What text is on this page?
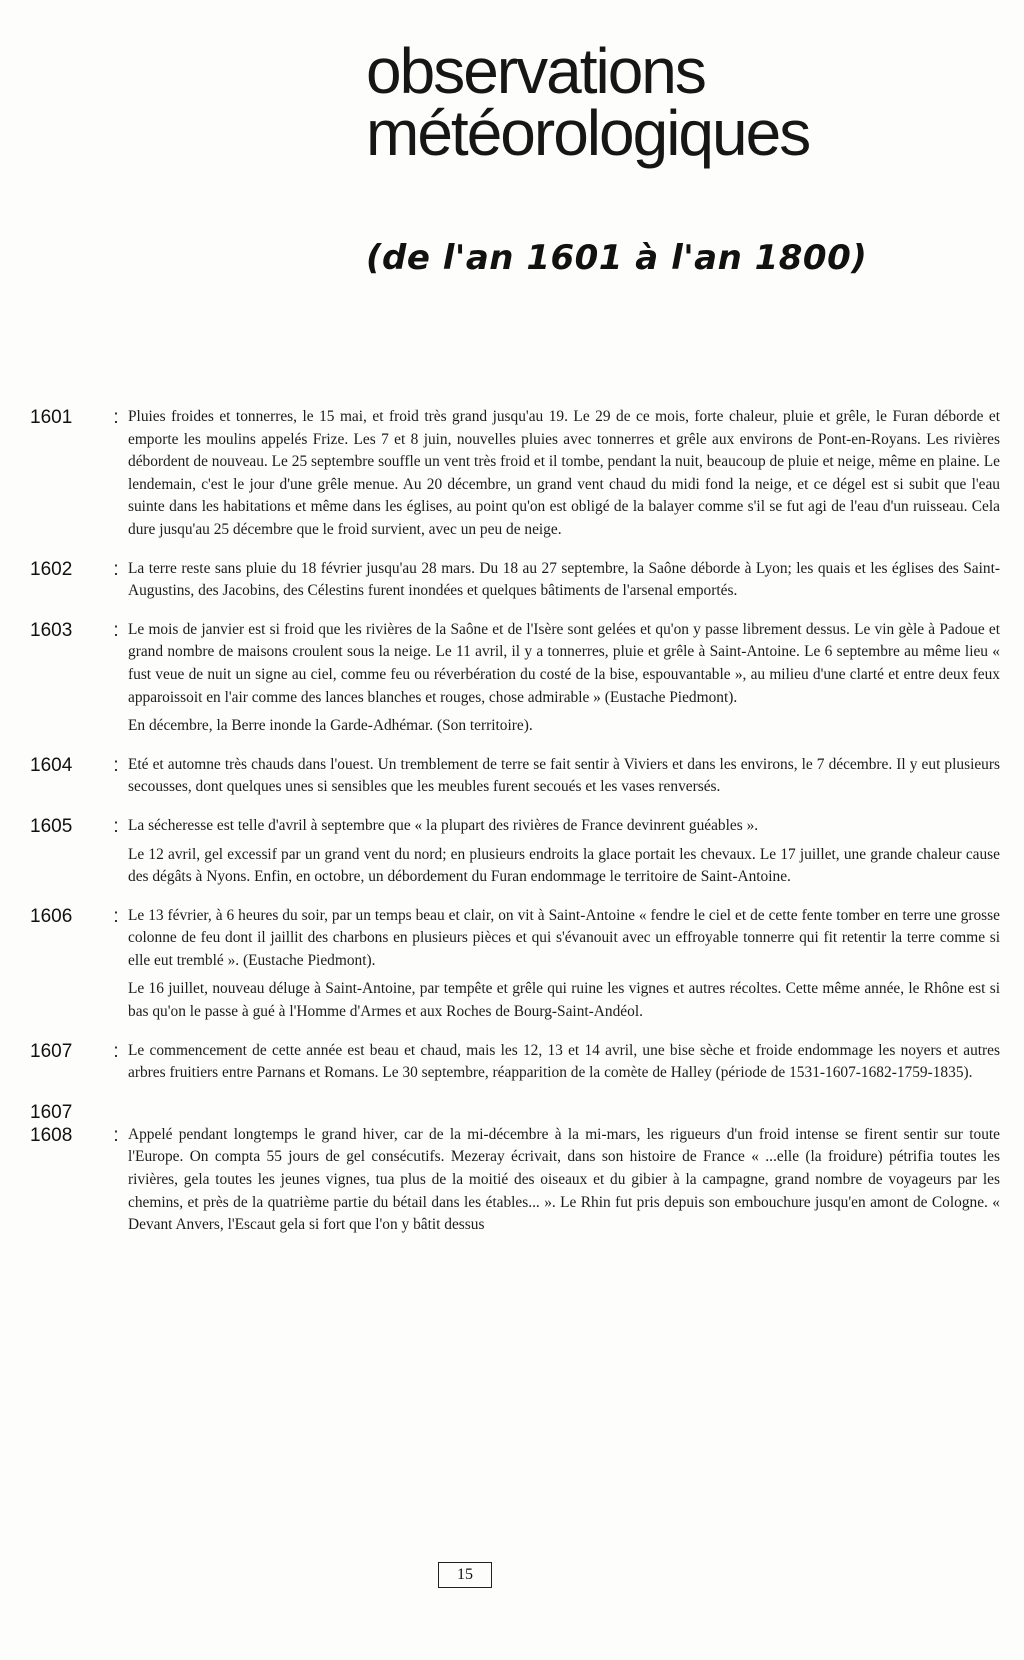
observations
météorologiques
(de l'an 1601 à l'an 1800)
1601	: Pluies froides et tonnerres, le 15 mai, et froid très grand jusqu'au 19. Le 29 de ce mois, forte chaleur, pluie et grêle, le Furan déborde et emporte les moulins appelés Frize. Les 7 et 8 juin, nouvelles pluies avec tonnerres et grêle aux environs de Pont-en-Royans. Les rivières débordent de nouveau. Le 25 septembre souffle un vent très froid et il tombe, pendant la nuit, beaucoup de pluie et neige, même en plaine. Le lendemain, c'est le jour d'une grêle menue. Au 20 décembre, un grand vent chaud du midi fond la neige, et ce dégel est si subit que l'eau suinte dans les habitations et même dans les églises, au point qu'on est obligé de la balayer comme s'il se fut agi de l'eau d'un ruisseau. Cela dure jusqu'au 25 décembre que le froid survient, avec un peu de neige.

1602	: La terre reste sans pluie du 18 février jusqu'au 28 mars. Du 18 au 27 septembre, la Saône déborde à Lyon; les quais et les églises des Saint-Augustins, des Jacobins, des Célestins furent inondées et quelques bâtiments de l'arsenal emportés.

1603	: Le mois de janvier est si froid que les rivières de la Saône et de l'Isère sont gelées et qu'on y passe librement dessus. Le vin gèle à Padoue et grand nombre de maisons croulent sous la neige. Le 11 avril, il y a tonnerres, pluie et grêle à Saint-Antoine. Le 6 septembre au même lieu « fust veue de nuit un signe au ciel, comme feu ou réverbération du costé de la bise, espouvantable », au milieu d'une clarté et entre deux feux apparoissoit en l'air comme des lances blanches et rouges, chose admirable » (Eustache Piedmont).

En décembre, la Berre inonde la Garde-Adhémar. (Son territoire).

1604	: Eté et automne très chauds dans l'ouest. Un tremblement de terre se fait sentir à Viviers et dans les environs, le 7 décembre. Il y eut plusieurs secousses, dont quelques unes si sensibles que les meubles furent secoués et les vases renversés.

1605	: La sécheresse est telle d'avril à septembre que « la plupart des rivières de France devinrent guéables ».

Le 12 avril, gel excessif par un grand vent du nord; en plusieurs endroits la glace portait les chevaux. Le 17 juillet, une grande chaleur cause des dégâts à Nyons. Enfin, en octobre, un débordement du Furan endommage le territoire de Saint-Antoine.

1606	: Le 13 février, à 6 heures du soir, par un temps beau et clair, on vit à Saint-Antoine « fendre le ciel et de cette fente tomber en terre une grosse colonne de feu dont il jaillit des charbons en plusieurs pièces et qui s'évanouit avec un effroyable tonnerre qui fit retentir la terre comme si elle eut tremblé ». (Eustache Piedmont).

Le 16 juillet, nouveau déluge à Saint-Antoine, par tempête et grêle qui ruine les vignes et autres récoltes. Cette même année, le Rhône est si bas qu'on le passe à gué à l'Homme d'Armes et aux Roches de Bourg-Saint-Andéol.

1607	: Le commencement de cette année est beau et chaud, mais les 12, 13 et 14 avril, une bise sèche et froide endommage les noyers et autres arbres fruitiers entre Parnans et Romans. Le 30 septembre, réapparition de la comète de Halley (période de 1531-1607-1682-1759-1835).

1607
1608	: Appelé pendant longtemps le grand hiver, car de la mi-décembre à la mi-mars, les rigueurs d'un froid intense se firent sentir sur toute l'Europe. On compta 55 jours de gel consécutifs. Mezeray écrivait, dans son histoire de France « ...elle (la froidure) pétrifia toutes les rivières, gela toutes les jeunes vignes, tua plus de la moitié des oiseaux et du gibier à la campagne, grand nombre de voyageurs par les chemins, et près de la quatrième partie du bétail dans les étables... ». Le Rhin fut pris depuis son embouchure jusqu'en amont de Cologne. « Devant Anvers, l'Escaut gela si fort que l'on y bâtit dessus

15
